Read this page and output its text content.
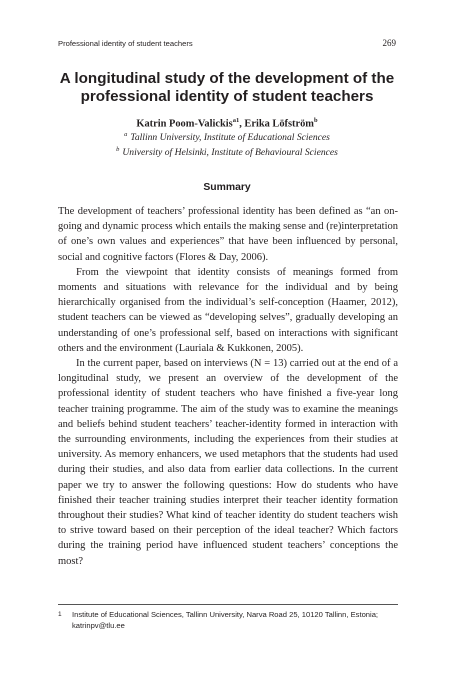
Professional identity of student teachers	269
A longitudinal study of the development of the professional identity of student teachers
Katrin Poom-Valickis$^{a1}$, Erika Löfström$^b$
$^a$ Tallinn University, Institute of Educational Sciences
$^b$ University of Helsinki, Institute of Behavioural Sciences
Summary

The development of teachers’ professional identity has been defined as “an on-going and dynamic process which entails the making sense and (re)interpretation of one’s own values and experiences” that have been influenced by personal, social and cognitive factors (Flores & Day, 2006).

From the viewpoint that identity consists of meanings formed from moments and situations with relevance for the individual and by being hierarchically organised from the individual’s self-conception (Haamer, 2012), student teachers can be viewed as “developing selves”, gradually developing an understanding of one’s professional self, based on interactions with significant others and the environment (Lauriala & Kukkonen, 2005).

In the current paper, based on interviews (N = 13) carried out at the end of a longitudinal study, we present an overview of the development of the professional identity of student teachers who have finished a five-year long teacher training programme. The aim of the study was to examine the meanings and beliefs behind student teachers’ teacher-identity formed in interaction with the surrounding environments, including the experiences from their studies at university. As memory enhancers, we used metaphors that the students had used during their studies, and also data from earlier data collections. In the current paper we try to answer the following questions: How do students who have finished their teacher training studies interpret their teacher identity formation throughout their studies? What kind of teacher identity do student teachers wish to strive toward based on their perception of the ideal teacher? Which factors during the training period have influenced student teachers’ conceptions the most?

1	Institute of Educational Sciences, Tallinn University, Narva Road 25, 10120 Tallinn, Estonia; katrinpv@tlu.ee
